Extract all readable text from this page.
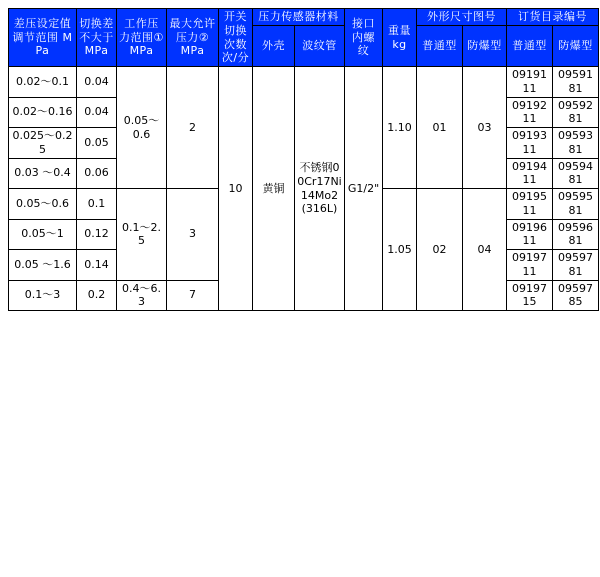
差压设定值调节范围 MPa	切换差不大于MPa	工作压力范围① MPa	最大允许压力② MPa	开关切换次数次/分	压力传感器材料		接口内螺纹	重量 kg	外形尺寸图号		订货目录编号	
					外壳	波纹管			普通型	防爆型	普通型	防爆型

0.02～0.1	0.04	0.05～0.6	2	10	黄铜	不锈钢00Cr17Ni14Mo2(316L)	G1/2"	1.10	01	03	0919111	0959181
0.02～0.16	0.04										0919211	0959281
0.025～0.25	0.05										0919311	0959381
0.03 ～0.4	0.06										0919411	0959481
0.05～0.6	0.1	0.1～2.5	3					1.05	02	04	0919511	0959581
0.05～1	0.12										0919611	0959681
0.05 ～1.6	0.14										0919711	0959781
0.1～3	0.2	0.4～6.3	7								0919715	0959785
